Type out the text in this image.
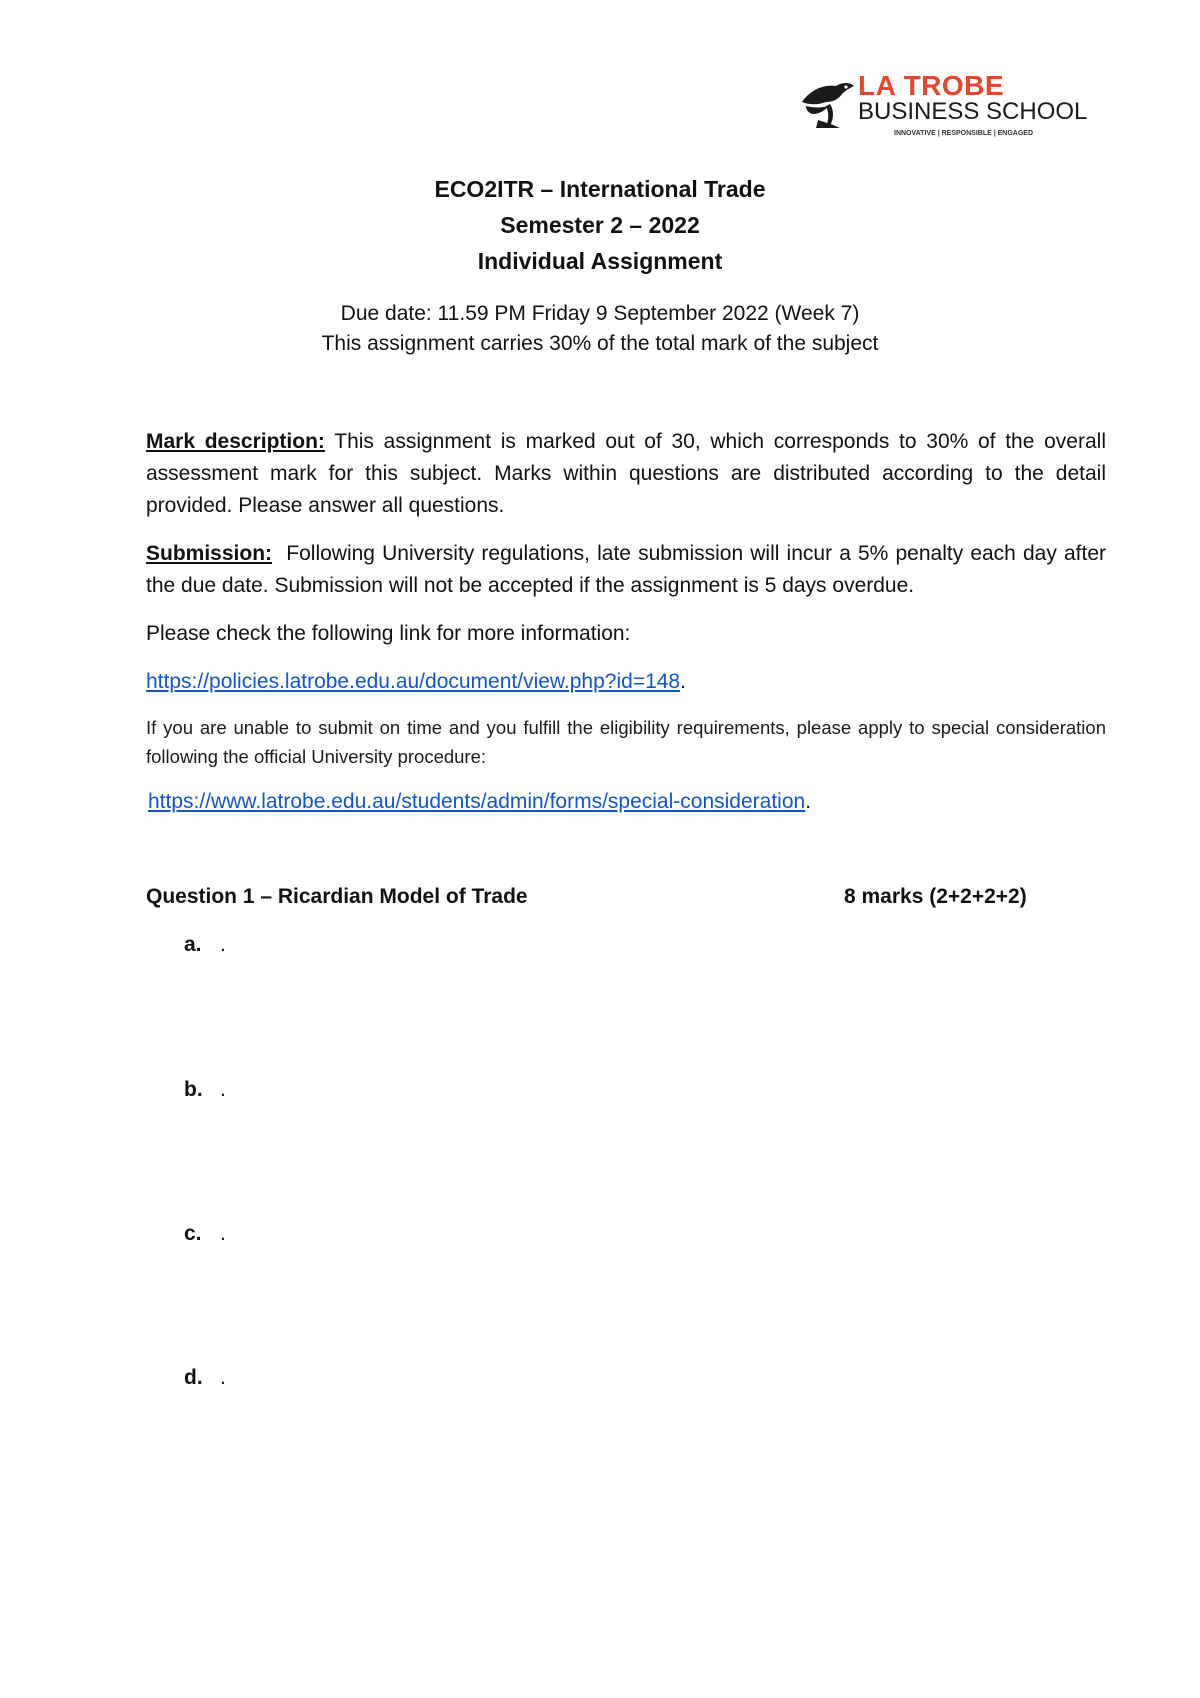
LA TROBE
BUSINESS SCHOOL
INNOVATIVE | RESPONSIBLE | ENGAGED
ECO2ITR – International Trade
Semester 2 – 2022
Individual Assignment
Due date: 11.59 PM Friday 9 September 2022 (Week 7)
This assignment carries 30% of the total mark of the subject
Mark description: This assignment is marked out of 30, which corresponds to 30% of the overall assessment mark for this subject. Marks within questions are distributed according to the detail provided. Please answer all questions.
Submission:  Following University regulations, late submission will incur a 5% penalty each day after the due date. Submission will not be accepted if the assignment is 5 days overdue.
Please check the following link for more information:
https://policies.latrobe.edu.au/document/view.php?id=148.
If you are unable to submit on time and you fulfill the eligibility requirements, please apply to special consideration following the official University procedure:
https://www.latrobe.edu.au/students/admin/forms/special-consideration.
Question 1 – Ricardian Model of Trade	8 marks (2+2+2+2)
a. .
b. .
c. .
d. .
